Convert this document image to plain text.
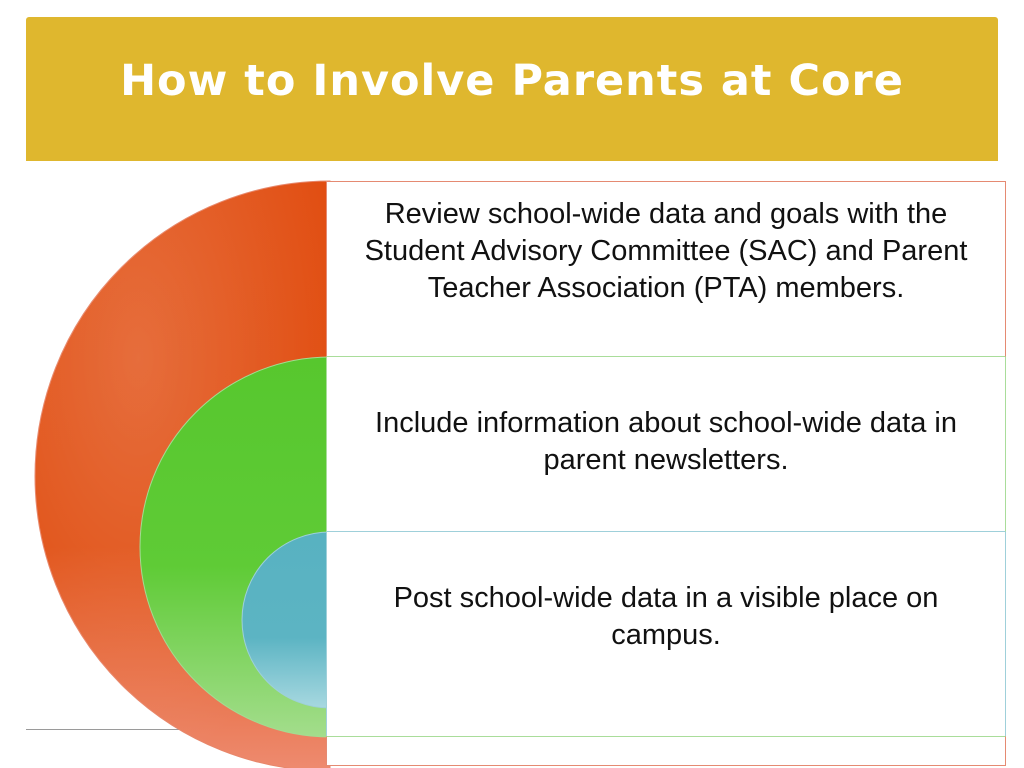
How to Involve Parents at Core
Review school-wide data and goals with the Student Advisory Committee (SAC) and Parent Teacher Association (PTA) members.
Include information about school-wide data in parent newsletters.
Post school-wide data in a visible place on campus.
